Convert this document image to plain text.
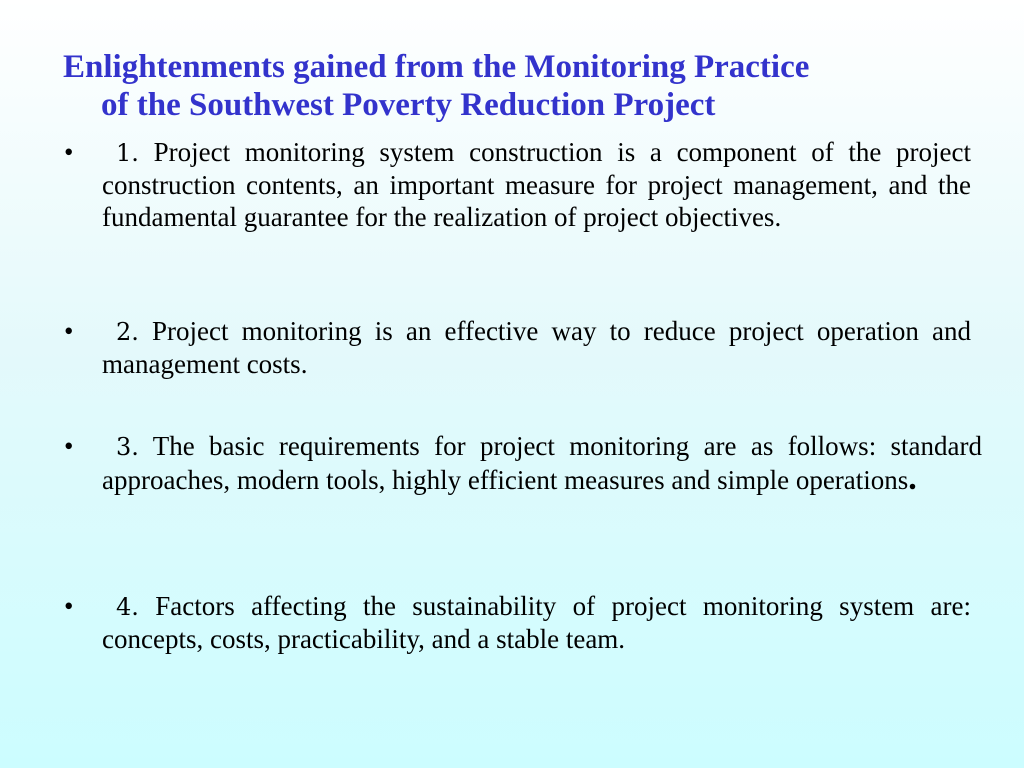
Enlightenments gained from the Monitoring Practice
of the Southwest Poverty Reduction Project
•	1. Project monitoring system construction is a component of the project construction contents, an important measure for project management, and the fundamental guarantee for the realization of project objectives.

•	2. Project monitoring is an effective way to reduce project operation and management costs.

•	3. The basic requirements for project monitoring are as follows: standard approaches, modern tools, highly efficient measures and simple operations.

•	4. Factors affecting the sustainability of project monitoring system are: concepts, costs, practicability, and a stable team.
